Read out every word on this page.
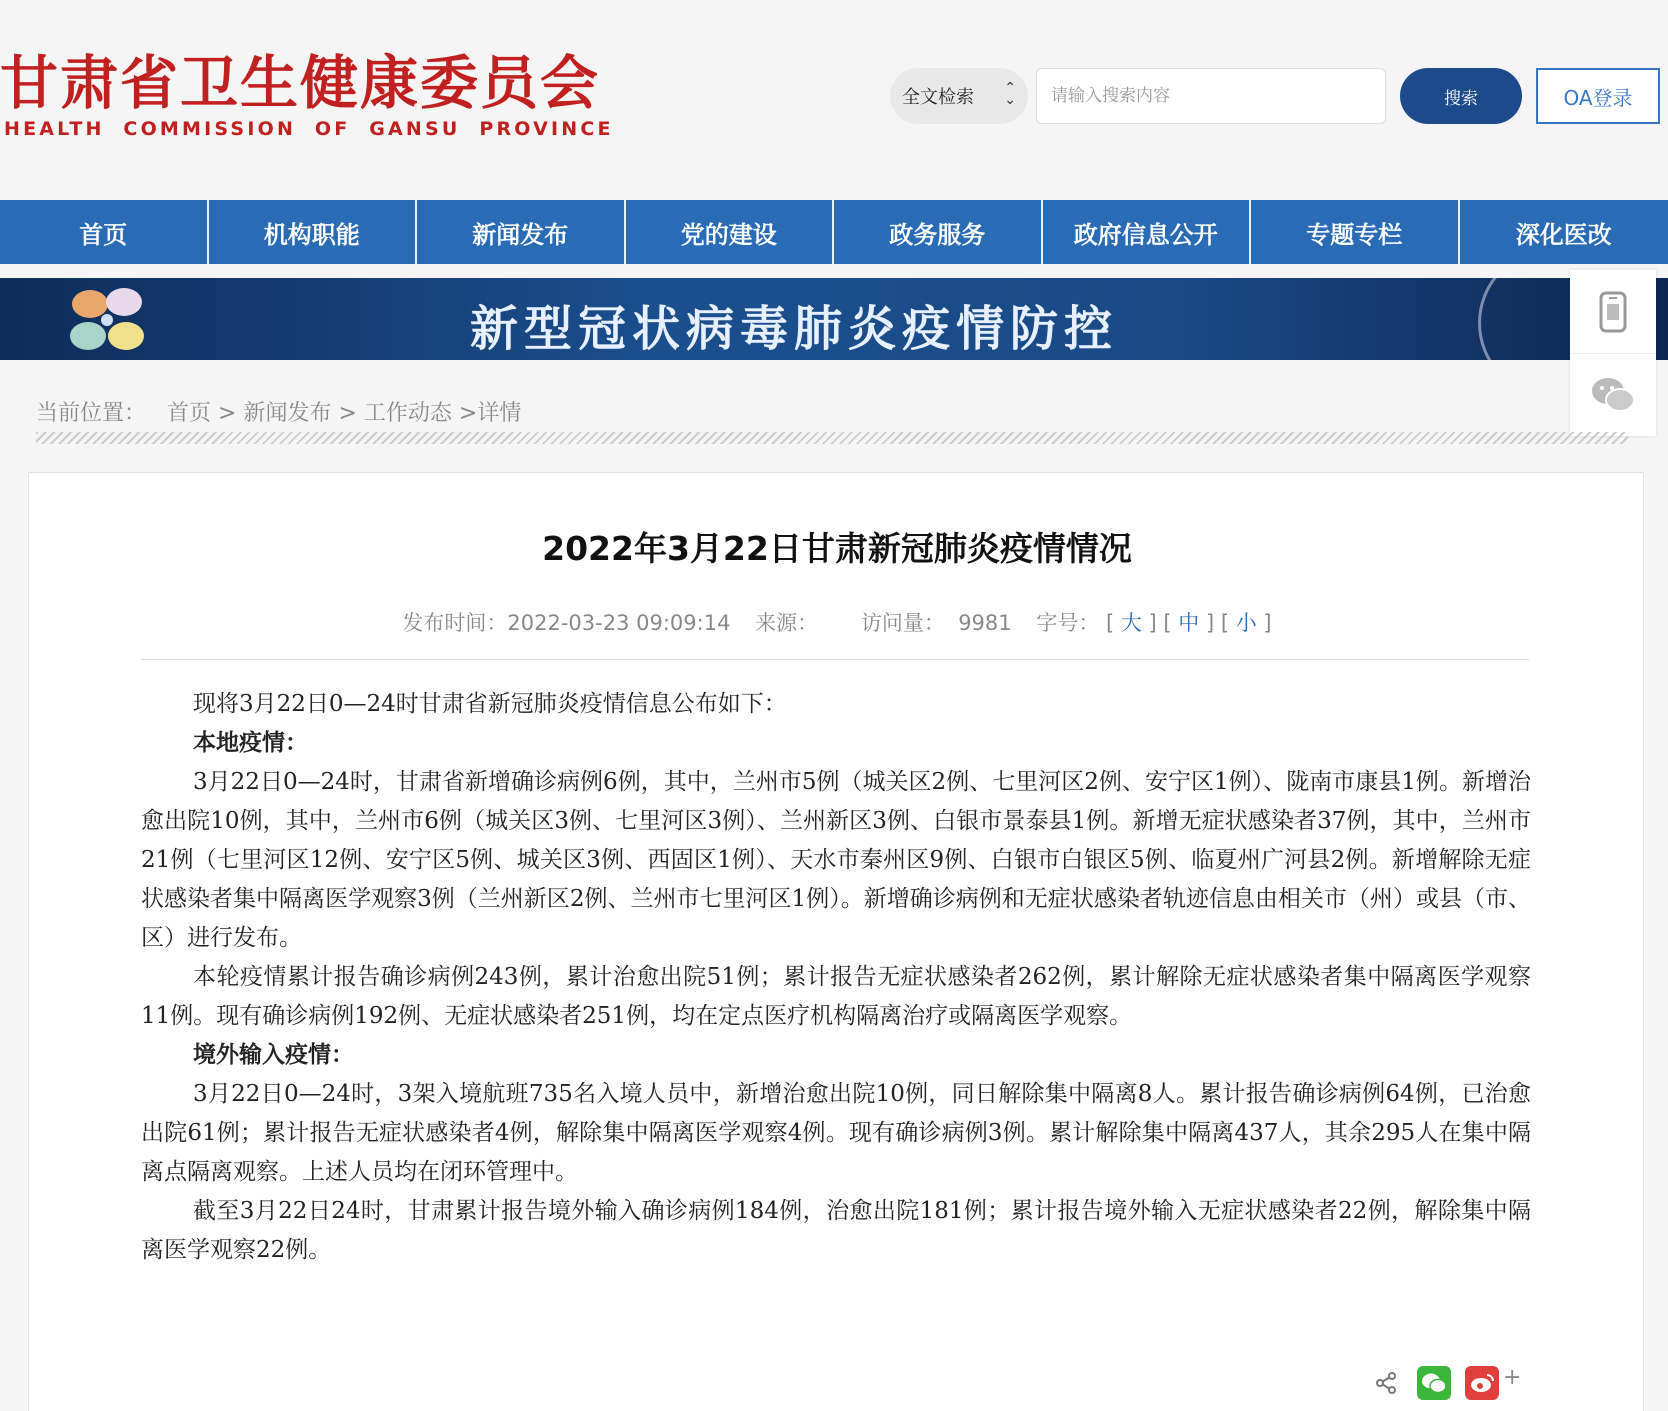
甘肃省卫生健康委员会
HEALTH COMMISSION OF GANSU PROVINCE
全文检索 ⌃
⌄
请输入搜索内容	搜索	OA登录
首页	机构职能	新闻发布	党的建设	政务服务	政府信息公开	专题专栏	深化医改
新型冠状病毒肺炎疫情防控
当前位置： 首页 > 新闻发布 > 工作动态 >详情
2022年3月22日甘肃新冠肺炎疫情情况
发布时间：2022-03-23 09:09:14 来源： 访问量： 9981 字号： [ 大 ] [ 中 ] [ 小 ]

现将3月22日0—24时甘肃省新冠肺炎疫情信息公布如下：

本地疫情：

3月22日0—24时，甘肃省新增确诊病例6例，其中，兰州市5例（城关区2例、七里河区2例、安宁区1例）、陇南市康县1例。新增治愈出院10例，其中，兰州市6例（城关区3例、七里河区3例）、兰州新区3例、白银市景泰县1例。新增无症状感染者37例，其中，兰州市21例（七里河区12例、安宁区5例、城关区3例、西固区1例）、天水市秦州区9例、白银市白银区5例、临夏州广河县2例。新增解除无症状感染者集中隔离医学观察3例（兰州新区2例、兰州市七里河区1例）。新增确诊病例和无症状感染者轨迹信息由相关市（州）或县（市、区）进行发布。

本轮疫情累计报告确诊病例243例，累计治愈出院51例；累计报告无症状感染者262例，累计解除无症状感染者集中隔离医学观察11例。现有确诊病例192例、无症状感染者251例，均在定点医疗机构隔离治疗或隔离医学观察。

境外输入疫情：

3月22日0—24时，3架入境航班735名入境人员中，新增治愈出院10例，同日解除集中隔离8人。累计报告确诊病例64例，已治愈出院61例；累计报告无症状感染者4例，解除集中隔离医学观察4例。现有确诊病例3例。累计解除集中隔离437人，其余295人在集中隔离点隔离观察。上述人员均在闭环管理中。

截至3月22日24时，甘肃累计报告境外输入确诊病例184例，治愈出院181例；累计报告境外输入无症状感染者22例，解除集中隔离医学观察22例。

+
